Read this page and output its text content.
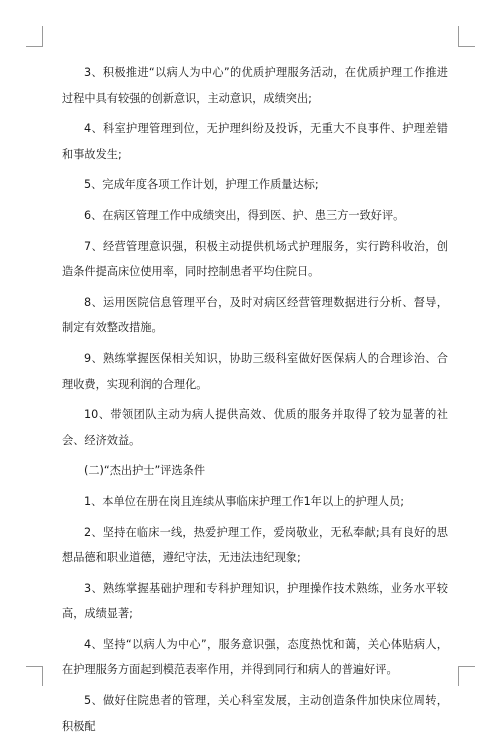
3、积极推进“以病人为中心”的优质护理服务活动，在优质护理工作推进过程中具有较强的创新意识，主动意识，成绩突出;

4、科室护理管理到位，无护理纠纷及投诉，无重大不良事件、护理差错和事故发生;

5、完成年度各项工作计划，护理工作质量达标;

6、在病区管理工作中成绩突出，得到医、护、患三方一致好评。

7、经营管理意识强，积极主动提供机场式护理服务，实行跨科收治，创造条件提高床位使用率，同时控制患者平均住院日。

8、运用医院信息管理平台，及时对病区经营管理数据进行分析、督导，制定有效整改措施。

9、熟练掌握医保相关知识，协助三级科室做好医保病人的合理诊治、合理收费，实现利润的合理化。

10、带领团队主动为病人提供高效、优质的服务并取得了较为显著的社会、经济效益。

(二)“杰出护士”评选条件

1、本单位在册在岗且连续从事临床护理工作1年以上的护理人员;

2、坚持在临床一线，热爱护理工作，爱岗敬业，无私奉献;具有良好的思想品德和职业道德，遵纪守法，无违法违纪现象;

3、熟练掌握基础护理和专科护理知识，护理操作技术熟练，业务水平较高，成绩显著;

4、坚持“以病人为中心”，服务意识强，态度热忱和蔼，关心体贴病人，在护理服务方面起到模范表率作用，并得到同行和病人的普遍好评。

5、做好住院患者的管理，关心科室发展，主动创造条件加快床位周转，积极配
